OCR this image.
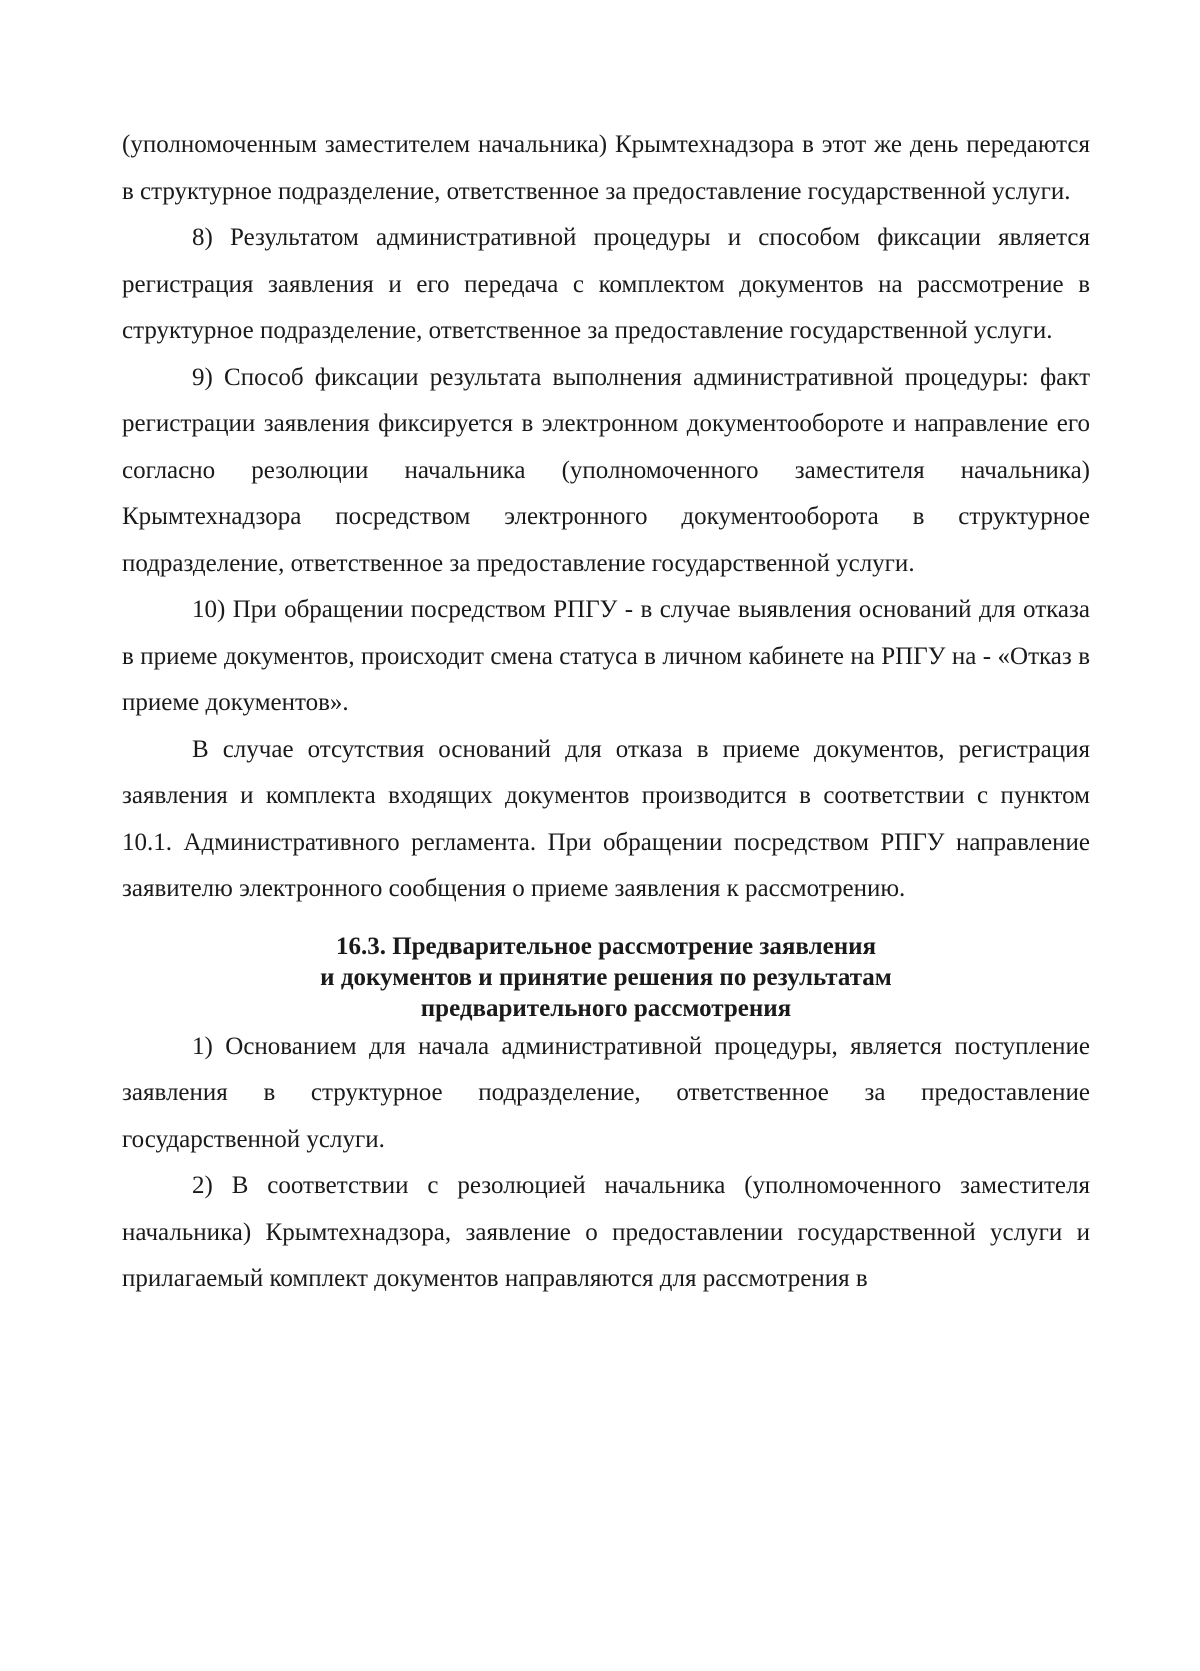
(уполномоченным заместителем начальника) Крымтехнадзора в этот же день передаются в структурное подразделение, ответственное за предоставление государственной услуги.

8) Результатом административной процедуры и способом фиксации является регистрация заявления и его передача с комплектом документов на рассмотрение в структурное подразделение, ответственное за предоставление государственной услуги.

9) Способ фиксации результата выполнения административной процедуры: факт регистрации заявления фиксируется в электронном документообороте и направление его согласно резолюции начальника (уполномоченного заместителя начальника) Крымтехнадзора посредством электронного документооборота в структурное подразделение, ответственное за предоставление государственной услуги.

10) При обращении посредством РПГУ - в случае выявления оснований для отказа в приеме документов, происходит смена статуса в личном кабинете на РПГУ на - «Отказ в приеме документов».

В случае отсутствия оснований для отказа в приеме документов, регистрация заявления и комплекта входящих документов производится в соответствии с пунктом 10.1. Административного регламента. При обращении посредством РПГУ направление заявителю электронного сообщения о приеме заявления к рассмотрению.

16.3. Предварительное рассмотрение заявления
и документов и принятие решения по результатам
предварительного рассмотрения

1) Основанием для начала административной процедуры, является поступление заявления в структурное подразделение, ответственное за предоставление государственной услуги.

2) В соответствии с резолюцией начальника (уполномоченного заместителя начальника) Крымтехнадзора, заявление о предоставлении государственной услуги и прилагаемый комплект документов направляются для рассмотрения в
